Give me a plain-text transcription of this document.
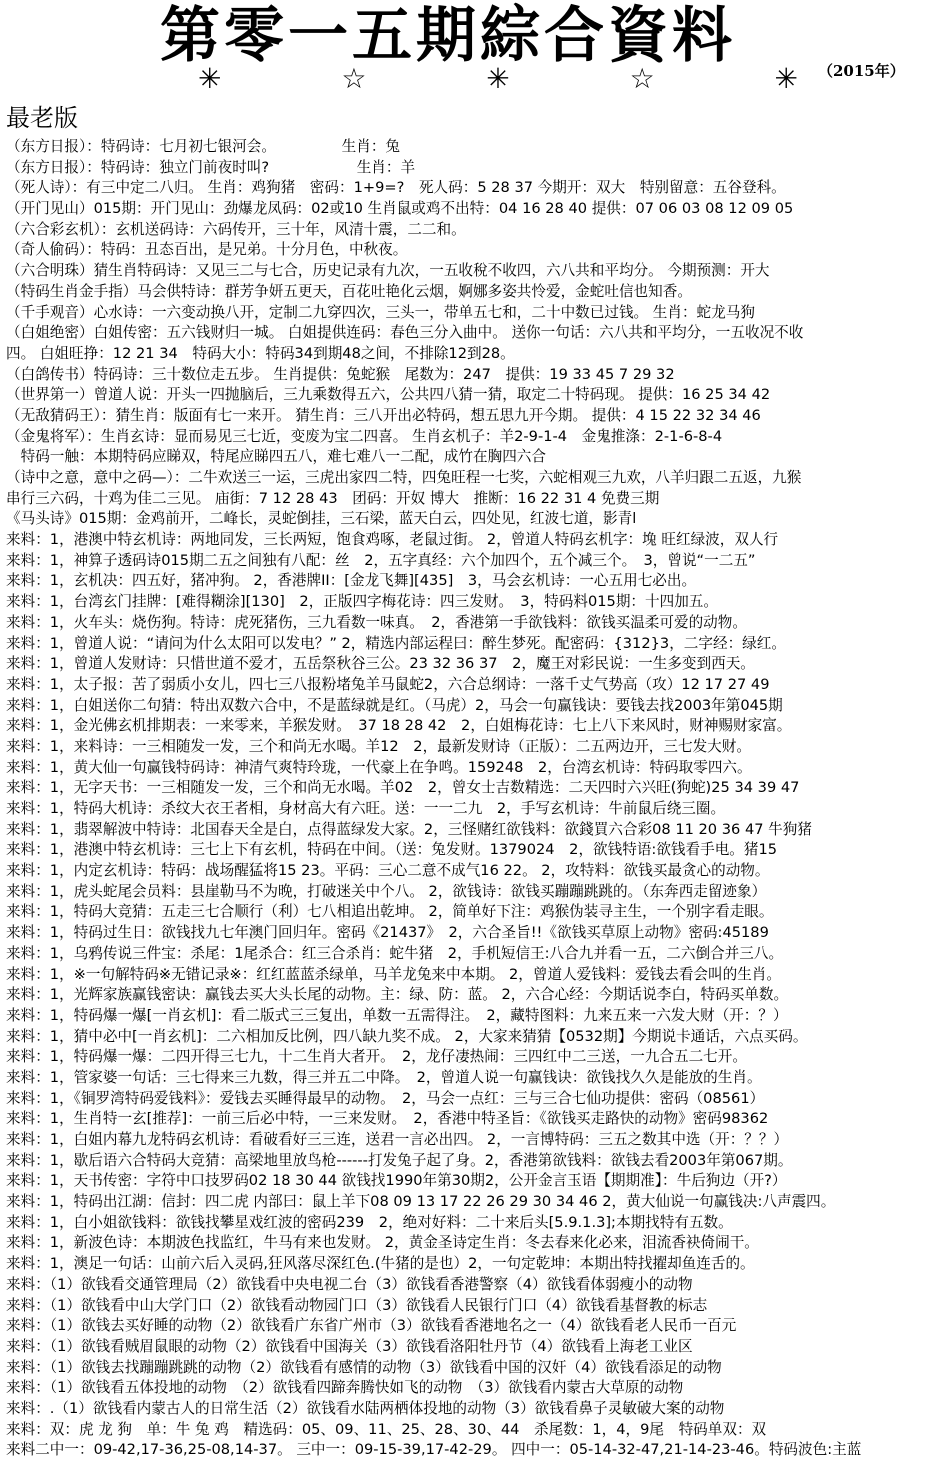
第零一五期綜合資料	（2015年）
✳	☆	✳	☆	✳
最老版
（东方日报）：特码诗：七月初七银河会。　　　　　生肖：兔
（东方日报）：特码诗：独立门前夜时叫?　　　　　　生肖：羊
（死人诗）：有三中定二八归。 生肖：鸡狗猪　密码：1+9=?　死人码：5 28 37 今期开：双大　特别留意：五谷登科。
（开门见山）015期：开门见山：劲爆龙凤码：02或10 生肖鼠或鸡不出特：04 16 28 40 提供：07 06 03 08 12 09 05
（六合彩玄机）：玄机送码诗：六码传开，三十年，风清十震，二二和。
（奇人偷码）：特码：丑态百出，是兄弟。十分月色，中秋夜。
（六合明珠）猜生肖特码诗：又见三二与七合，历史记录有九次，一五收稅不收四，六八共和平均分。 今期预测：开大
（特码生肖金手指）马会供特诗：群芳争妍五更天，百花吐艳化云烟，婀娜多姿共怜爱，金蛇吐信也知香。
（千手观音）心水诗：一六变动换八开，定制二九穿四次，三头一，带单五七和，二十中数已过钱。 生肖：蛇龙马狗
（白姐绝密）白姐传密：五六钱财归一城。 白姐提供连码：春色三分入曲中。 送你一句话：六八共和平均分，一五收况不收
四。 白姐旺挣：12 21 34　特码大小：特码34到期48之间，不排除12到28。
（白鸽传书）特码诗：三十数位走五步。 生肖提供：兔蛇猴　尾数为：247　提供：19 33 45 7 29 32
（世界第一）曾道人说：开头一四抛脑后，三九乘数得五六，公共四八猜一猜，取定二十特码现。 提供：16 25 34 42
（无敌猜码王）：猜生肖：版面有七一来开。 猜生肖：三八开出必特码，想五思九开今期。 提供：4 15 22 32 34 46
（金鬼将军）：生肖玄诗：显而易见三七近，变废为宝二四喜。 生肖玄机子：羊2-9-1-4　金鬼推涤：2-1-6-8-4
　特码一触：本期特码应睇双，特尾应睇四五八，难七难八一二配，成竹在胸四六合
（诗中之意，意中之码—）：二牛欢送三一运，三虎出家四二特，四兔旺程一七奖，六蛇相观三九欢，八羊归跟二五返，九猴
串行三六码，十鸡为佳二三见。 庙街：7 12 28 43　团码：开奴 博大　推断：16 22 31 4 免费三期
《马头诗》015期：金鸡前开，二峰长，灵蛇倒挂，三石梁，蓝天白云，四处见，红波七道，影青l
来料：1，港澳中特玄机诗：两地同发，三长两短，饱食鸡啄，老鼠过街。 2，曾道人特码玄机字：堍 旺红绿波，双人行
来料：1，神算子透码诗015期二五之间独有八配：丝　2，五字真经：六个加四个，五个减三个。　3，曾说“一二五”
来料：1，玄机决：四五好，猪冲狗。 2，香港牌II：[金龙飞舞][435]　3，马会玄机诗：一心五用七必出。
来料：1，台湾玄门挂牌：[难得糊涂][130]　2，正版四字梅花诗：四三发财。　3，特码料015期：十四加五。
来料：1，火车头：烧伤狗。特诗：虎死猪伤，三九看数一味真。　2，香港第一手欲钱料：欲钱买温柔可爱的动物。
来料：1，曾道人说：“请问为什么太阳可以发电？” 2，精选内部运程曰：醉生梦死。配密码：{312}3，二字经：绿红。
来料：1，曾道人发财诗：只惜世道不爱才，五岳祭秋谷三公。23 32 36 37　2，魔王对彩民说：一生多变到西天。
来料：1，太子报：苦了弱质小女儿，四七三八报粉堵兔羊马鼠蛇2，六合总纲诗：一落千丈气势高（攻）12 17 27 49
来料：1，白姐送你二句猜：特出双数六合中，不是蓝绿就是红。（马虎）2，马会一句赢钱诀：要钱去找2003年第045期
来料：1，金光佛玄机排期表：一来零来，羊猴发财。　37 18 28 42　2，白姐梅花诗：七上八下来风时，财神赐财家富。
来料：1，来料诗：一三相随发一发，三个和尚无水喝。羊12　2，最新发财诗（正版）：二五两边开，三七发大财。
来料：1，黄大仙一句赢钱特码诗：神清气爽特玲珑，一代豪上在争鸣。159248　2，台湾玄机诗：特码取零四六。
来料：1，无字天书：一三相随发一发，三个和尚无水喝。羊02　2，曾女士吉数精选：二天四时六兴旺(狗蛇)25 34 39 47
来料：1，特码大机诗：杀纹大衣王者相，身材高大有六旺。送：一一二九　2，手写玄机诗：牛前鼠后绕三圈。
来料：1，翡翠解波中特诗：北国春天全是白，点得蓝绿发大家。2，三怪赌红欲钱料：欲錢買六合彩08 11 20 36 47 牛狗猪
来料：1，港澳中特玄机诗：三七上下有玄机，特码在中间。（送：兔发财。1379024　2，欲钱特语:欲钱看手电。猪15
来料：1，内定玄机诗：特码：战场醒猛将15 23。平码：三心二意不成气16 22。 2，攻特料：欲钱买最贪心的动物。
来料：1，虎头蛇尾会员料：县崖勒马不为晚，打破迷关中个八。 2，欲钱诗：欲钱买蹦蹦跳跳的。（东奔西走留迹象）
来料：1，特码大竞猜：五走三七合顺行（利）七八相追出乾坤。 2，简单好下注：鸡猴伪装寻主生，一个别字看走眼。
来料：1，特码过生日：欲钱找九七年澳门回归年。密码《21437》　2，六合圣旨!!《欲钱买草原上动物》密码:45189
来料：1，乌鸦传说三件宝：杀尾：1尾杀合：红三合杀肖：蛇牛猪　2，手机短信王:八合九并看一五，二六倒合并三八。
来料：1，※一句解特码※无错记录※：红红蓝蓝杀绿单，马羊龙兔来中本期。 2，曾道人爱钱料：爱钱去看会叫的生肖。
来料：1，光辉家族赢钱密诀：赢钱去买大头长尾的动物。主：绿、防：蓝。 2，六合心经：今期话说李白，特码买单数。
来料：1，特码爆一爆[一肖玄机]：看二版式三三复出，单数一五需得注。　2，藏特图料：九来五来一六发大财（开：？）
来料：1，猜中必中[一肖玄机]：二六相加反比例，四八缺九奖不成。 2，大家来猜猜【0532期】今期说卡通话，六点买码。
来料：1，特码爆一爆：二四开得三七九，十二生肖大者开。　2，龙仔凄热闹：三四红中二三送，一九合五二七开。
来料：1，管家婆一句话：三七得来三九数，得三并五二中降。　2，曾道人说一句赢钱诀：欲钱找久久是能放的生肖。
来料：1，《铜罗湾特码爱钱料》：爱钱去买睡得最早的动物。　2，马会一点红：三与三合七仙功提供：密码（08561）
来料：1，生肖特一玄[推荐]：一前三后必中特，一三来发财。　2，香港中特圣旨：《欲钱买走路快的动物》密码98362
来料：1，白姐内幕九龙特码玄机诗：看破看好三三连，送君一言必出四。 2，一言博特码：三五之数其中选（开：？？）
来料：1，歇后语六合特码大竞猜：高梁地里放鸟枪------打发兔子起了身。2，香港第欲钱料：欲钱去看2003年第067期。
来料：1，天书传密：字符中口技罗码02 18 30 44 欲钱找1990年第30期2，公开金言玉语【期期准】：牛后狗边（开?）
来料：1，特码出江湖：信封：四二虎 内部曰：鼠上羊下08 09 13 17 22 26 29 30 34 46 2，黄大仙说一句赢钱决:八声震四。
来料：1，白小姐欲钱料：欲钱找攀星戏红波的密码239　2，绝对好料：二十来后头[5.9.1.3];本期找特有五数。
来料：1，新波色诗：本期波色找监红，牛马有来也发财。 2，黄金圣诗定生肖：冬去春来化必来，泪流香袂倚闹干。
来料：1，澳足一句话：山前六后入灵码,狂风落尽深红色.(牛猪的是也）2，一句定乾坤：本期出特找擢却鱼连舌的。
来料：（1）欲钱看交通管理局（2）欲钱看中央电视二台（3）欲钱看香港警察（4）欲钱看体弱瘦小的动物
来料：（1）欲钱看中山大学门口（2）欲钱看动物园门口（3）欲钱看人民银行门口（4）欲钱看基督教的标志
来料：（1）欲钱去买好睡的动物（2）欲钱看广东省广州市（3）欲钱看香港地名之一（4）欲钱看老人民币一百元
来料：（1）欲钱看贼眉鼠眼的动物（2）欲钱看中国海关（3）欲钱看洛阳牡丹节（4）欲钱看上海老工业区
来料：（1）欲钱去找蹦蹦跳跳的动物（2）欲钱看有感情的动物（3）欲钱看中国的汉奸（4）欲钱看添足的动物
来料：（1）欲钱看五体投地的动物　（2）欲钱看四蹄奔腾快如飞的动物　（3）欲钱看内蒙古大草原的动物
来料：.（1）欲钱看内蒙古人的日常生活（2）欲钱看水陆两栖体投地的动物（3）欲钱看鼻子灵敏破大案的动物
来料：双：虎 龙 狗　单：牛 兔 鸡　精选码：05、09、11、25、28、30、44　杀尾数：1，4，9尾　特码单双：双
来料二中一：09-42,17-36,25-08,14-37。 三中一：09-15-39,17-42-29。 四中一：05-14-32-47,21-14-23-46。特码波色:主蓝
